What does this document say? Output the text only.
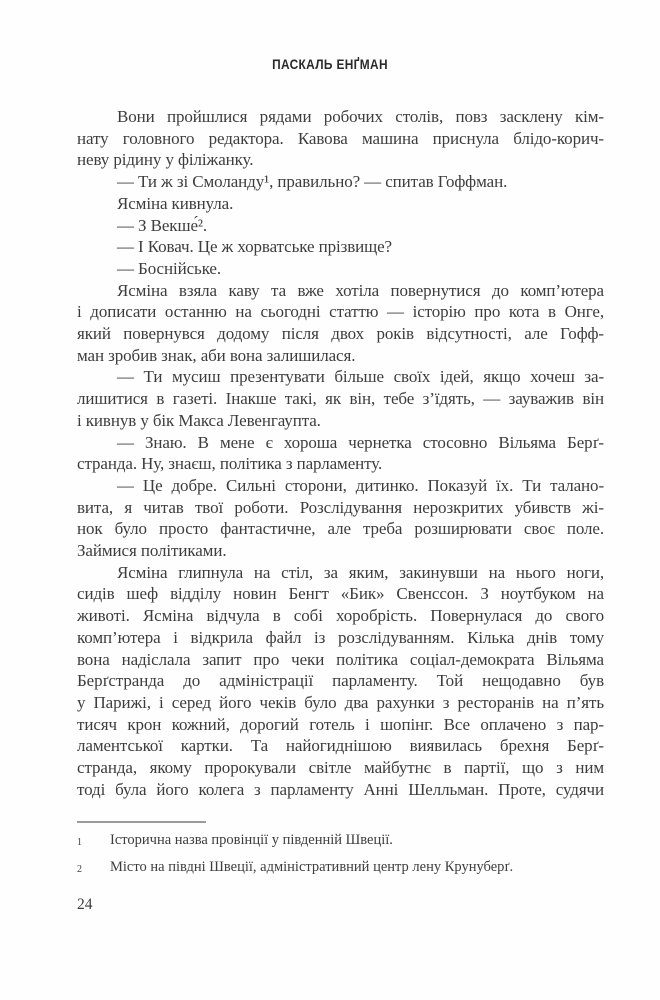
ПАСКАЛЬ ЕНҐМАН
Вони пройшлися рядами робочих столів, повз засклену кім-
нату головного редактора. Кавова машина приснула блідо-корич-
неву рідину у філіжанку.
— Ти ж зі Смоланду¹, правильно? — спитав Гоффман.
Ясміна кивнула.
— З Векше́².
— І Ковач. Це ж хорватське прізвище?
— Боснійське.
Ясміна взяла каву та вже хотіла повернутися до комп’ютера
і дописати останню на сьогодні статтю — історію про кота в Онге,
який повернувся додому після двох років відсутності, але Гофф-
ман зробив знак, аби вона залишилася.
— Ти мусиш презентувати більше своїх ідей, якщо хочеш за-
лишитися в газеті. Інакше такі, як він, тебе з’їдять, — зауважив він
і кивнув у бік Макса Левенгаупта.
— Знаю. В мене є хороша чернетка стосовно Вільяма Берґ-
странда. Ну, знаєш, політика з парламенту.
— Це добре. Сильні сторони, дитинко. Показуй їх. Ти талано-
вита, я читав твої роботи. Розслідування нерозкритих убивств жі-
нок було просто фантастичне, але треба розширювати своє поле.
Займися політиками.
Ясміна глипнула на стіл, за яким, закинувши на нього ноги,
сидів шеф відділу новин Бенгт «Бик» Свенссон. З ноутбуком на
животі. Ясміна відчула в собі хоробрість. Повернулася до свого
комп’ютера і відкрила файл із розслідуванням. Кілька днів тому
вона надіслала запит про чеки політика соціал-демократа Вільяма
Берґстранда до адміністрації парламенту. Той нещодавно був
у Парижі, і серед його чеків було два рахунки з ресторанів на п’ять
тисяч крон кожний, дорогий готель і шопінг. Все оплачено з пар-
ламентської картки. Та найогиднішою виявилась брехня Берґ-
странда, якому пророкували світле майбутнє в партії, що з ним
тоді була його колега з парламенту Анні Шелльман. Проте, судячи
1	Історична назва провінції у південній Швеції.
2	Місто на півдні Швеції, адміністративний центр лену Крунуберґ.
24
